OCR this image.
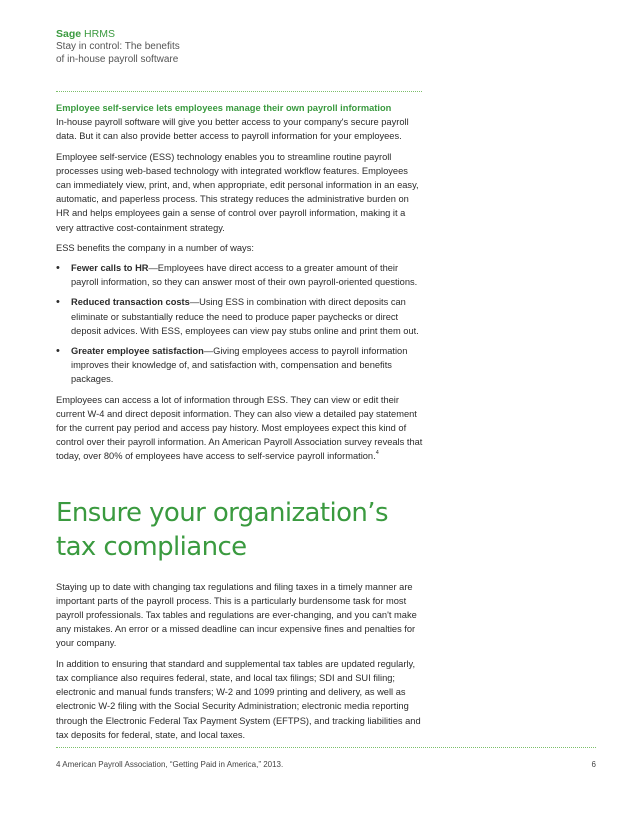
Sage HRMS
Stay in control: The benefits
of in-house payroll software
Employee self-service lets employees manage their own payroll information

In-house payroll software will give you better access to your company's secure payroll data. But it can also provide better access to payroll information for your employees.

Employee self-service (ESS) technology enables you to streamline routine payroll processes using web-based technology with integrated workflow features. Employees can immediately view, print, and, when appropriate, edit personal information in an easy, automatic, and paperless process. This strategy reduces the administrative burden on HR and helps employees gain a sense of control over payroll information, making it a very attractive cost-containment strategy.

ESS benefits the company in a number of ways:

• Fewer calls to HR—Employees have direct access to a greater amount of their payroll information, so they can answer most of their own payroll-oriented questions.
• Reduced transaction costs—Using ESS in combination with direct deposits can eliminate or substantially reduce the need to produce paper paychecks or direct deposit advices. With ESS, employees can view pay stubs online and print them out.
• Greater employee satisfaction—Giving employees access to payroll information improves their knowledge of, and satisfaction with, compensation and benefits packages.

Employees can access a lot of information through ESS. They can view or edit their current W-4 and direct deposit information. They can also view a detailed pay statement for the current pay period and access pay history. Most employees expect this kind of control over their payroll information. An American Payroll Association survey reveals that today, over 80% of employees have access to self-service payroll information.$^4$

Ensure your organization’s
tax compliance

Staying up to date with changing tax regulations and filing taxes in a timely manner are important parts of the payroll process. This is a particularly burdensome task for most payroll professionals. Tax tables and regulations are ever-changing, and you can't make any mistakes. An error or a missed deadline can incur expensive fines and penalties for your company.

In addition to ensuring that standard and supplemental tax tables are updated regularly, tax compliance also requires federal, state, and local tax filings; SDI and SUI filing; electronic and manual funds transfers; W-2 and 1099 printing and delivery, as well as electronic W-2 filing with the Social Security Administration; electronic media reporting through the Electronic Federal Tax Payment System (EFTPS), and tracking liabilities and tax deposits for federal, state, and local taxes.

4 American Payroll Association, “Getting Paid in America,” 2013.	6
